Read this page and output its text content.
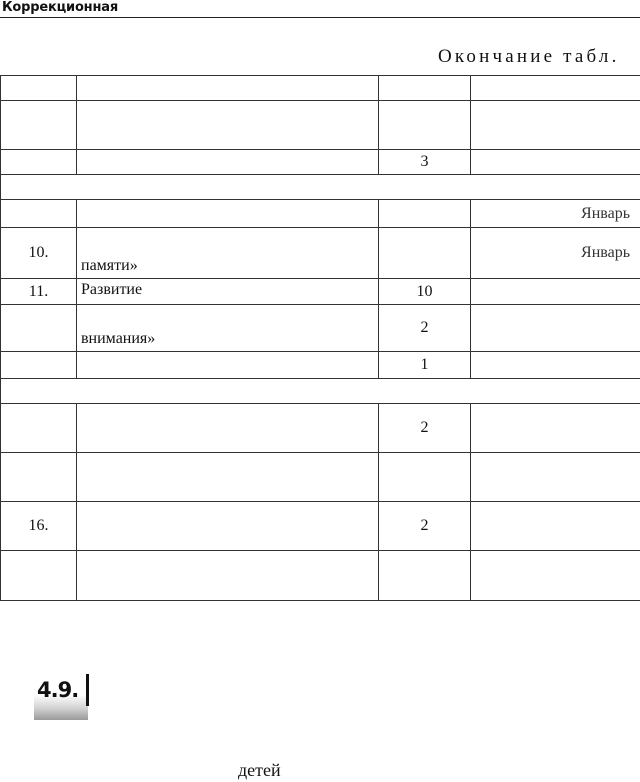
Коррекционная
Окончание табл.

		3	

			Январь
10.	памяти»		Январь
11.	Развитие	10	
	внимания»	2	
		1	

		2	

16.		2	

4.9.
детей
